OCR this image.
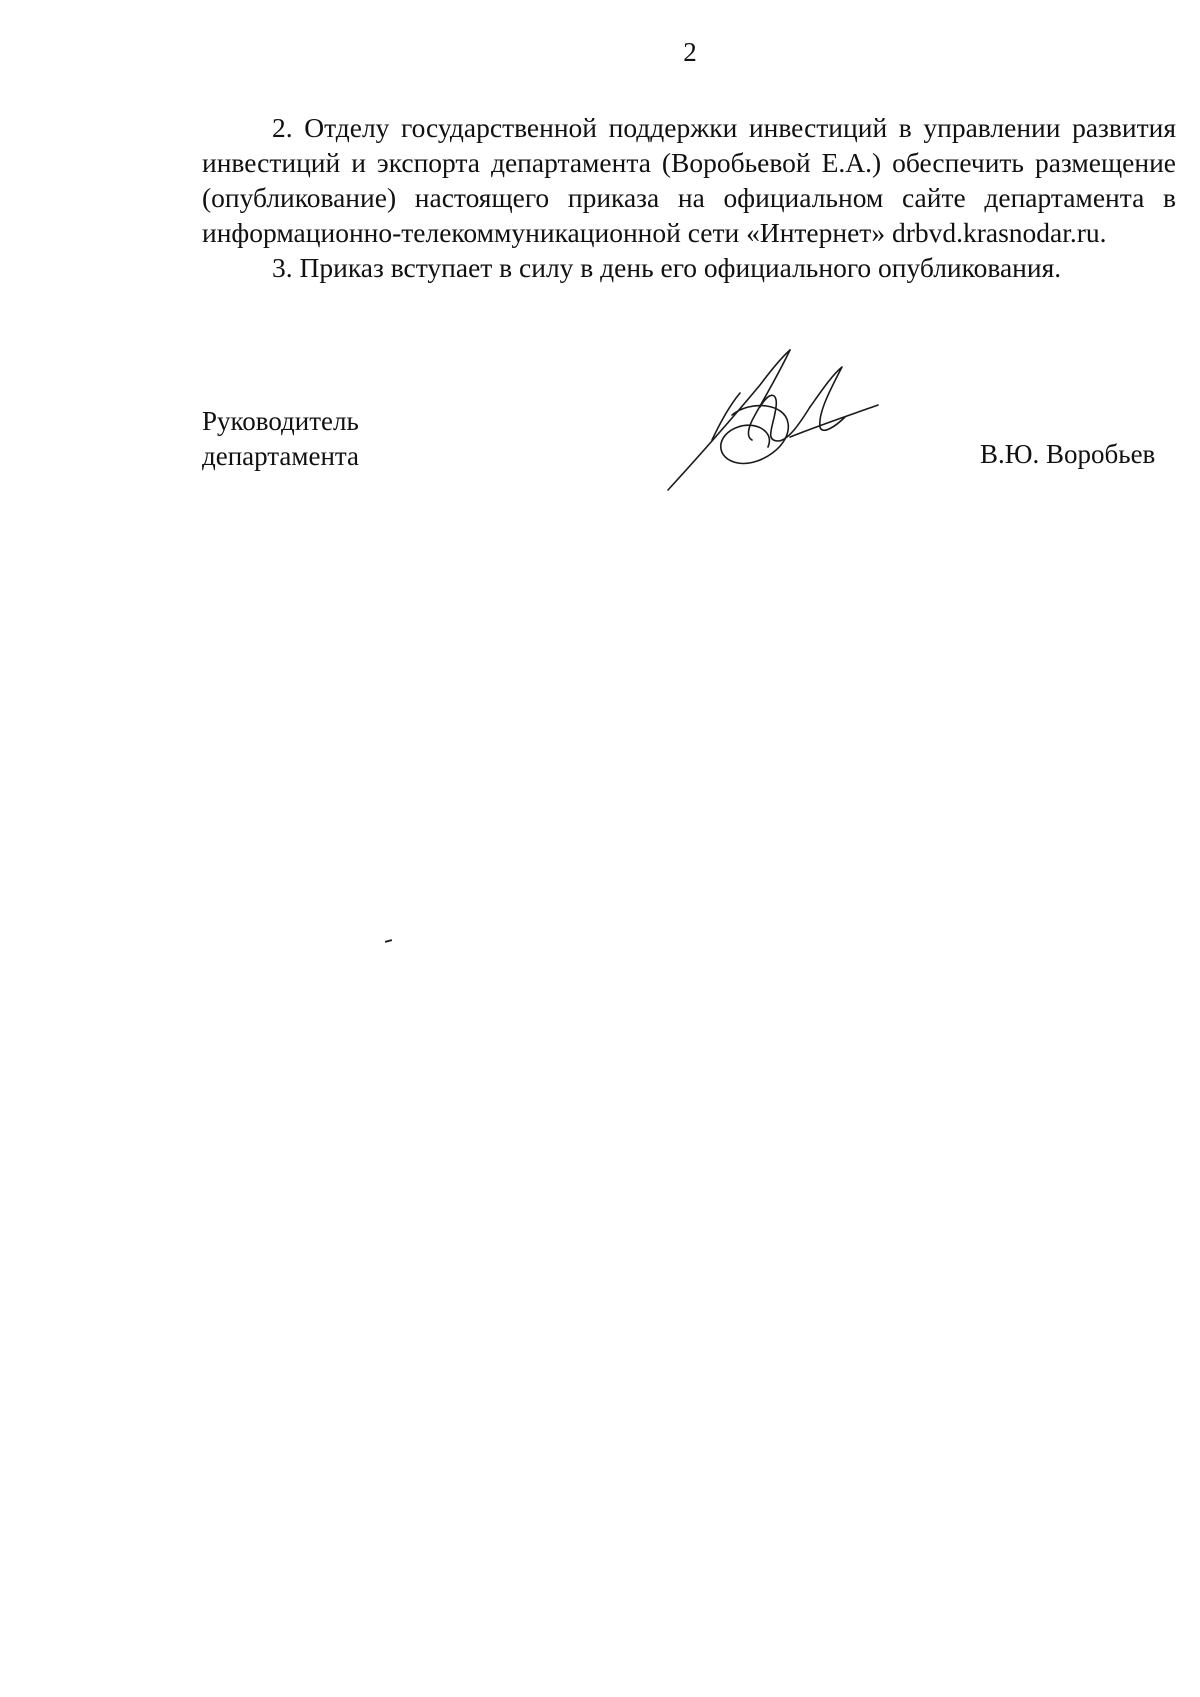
2

2. Отделу государственной поддержки инвестиций в управлении развития инвестиций и экспорта департамента (Воробьевой Е.А.) обеспечить размещение (опубликование) настоящего приказа на официальном сайте департамента в информационно-телекоммуникационной сети «Интернет» drbvd.krasnodar.ru.

3. Приказ вступает в силу в день его официального опубликования.

Руководитель
департамента	В.Ю. Воробьев
